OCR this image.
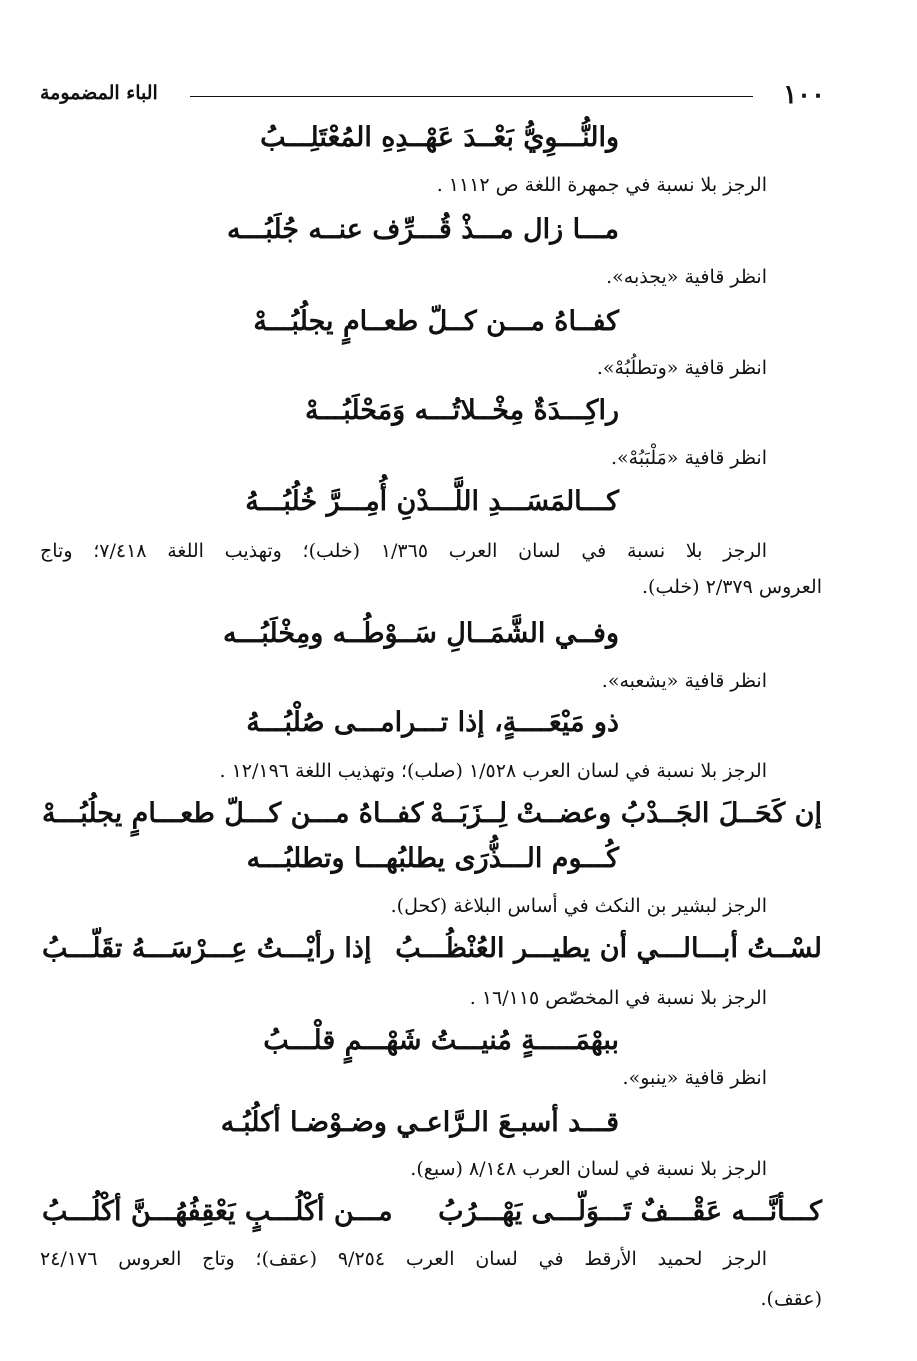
١٠٠
الباء المضمومة
والنُّـــوِيُّ بَعْــدَ عَهْــدِهِ المُعْتَلِـــبُ
الرجز بلا نسبة في جمهرة اللغة ص ١١١٢ .
مـــا زال مـــذْ قُـــرِّف عنــه جُلَبُـــه
انظر قافية «يجذبه».
كفــاهُ مـــن كــلّ طعــامٍ يجلُبُـــهْ
انظر قافية «وتطلُبُهْ».
راكِـــدَةٌ مِخْــلاتُـــه وَمَحْلَبُـــهْ
انظر قافية «مَلْبَبُهْ».
كـــالمَسَـــدِ اللَّـــدْنِ أُمِـــرَّ خُلُبُـــهُ
الرجز بلا نسبة في لسان العرب ١/٣٦٥ (خلب)؛ وتهذيب اللغة ٧/٤١٨؛ وتاج
العروس ٢/٣٧٩ (خلب).
وفــي الشَّمَــالِ سَــوْطُــه ومِخْلَبُـــه
انظر قافية «يشعبه».
ذو مَيْعَــــةٍ، إذا تـــرامـــى صُلْبُـــهُ
الرجز بلا نسبة في لسان العرب ١/٥٢٨ (صلب)؛ وتهذيب اللغة ١٢/١٩٦ .
إن كَحَــلَ الجَــدْبُ وعضــتْ لِــزَبَــهْ
كفــاهُ مـــن كـــلّ طعـــامٍ يجلُبُـــهْ
كُـــوم الـــذُّرَى يطلبُهـــا وتطلبُـــه
الرجز لبشير بن النكث في أساس البلاغة (كحل).
لسْــتُ أبـــالـــي أن يطيـــر العُنْظُـــبُ
إذا رأيْـــتُ عِـــرْسَـــهُ تقَلّـــبُ
الرجز بلا نسبة في المخصّص ١٦/١١٥ .
ببهْمَـــــةٍ مُنيـــتُ شَهْـــمٍ قلْـــبُ
انظر قافية «ينبو».
قـــد أسبـعَ الـرَّاعـي وضـوْضـا أكلُبُـه
الرجز بلا نسبة في لسان العرب ٨/١٤٨ (سبع).
كـــأنَّـــه عَقْـــفٌ تَـــوَلّـــى يَهْـــرُبُ
مـــن أكْلُـــبٍ يَعْقِفُهُـــنَّ أكْلُـــبُ
الرجز لحميد الأرقط في لسان العرب ٩/٢٥٤ (عقف)؛ وتاج العروس ٢٤/١٧٦
(عقف).
